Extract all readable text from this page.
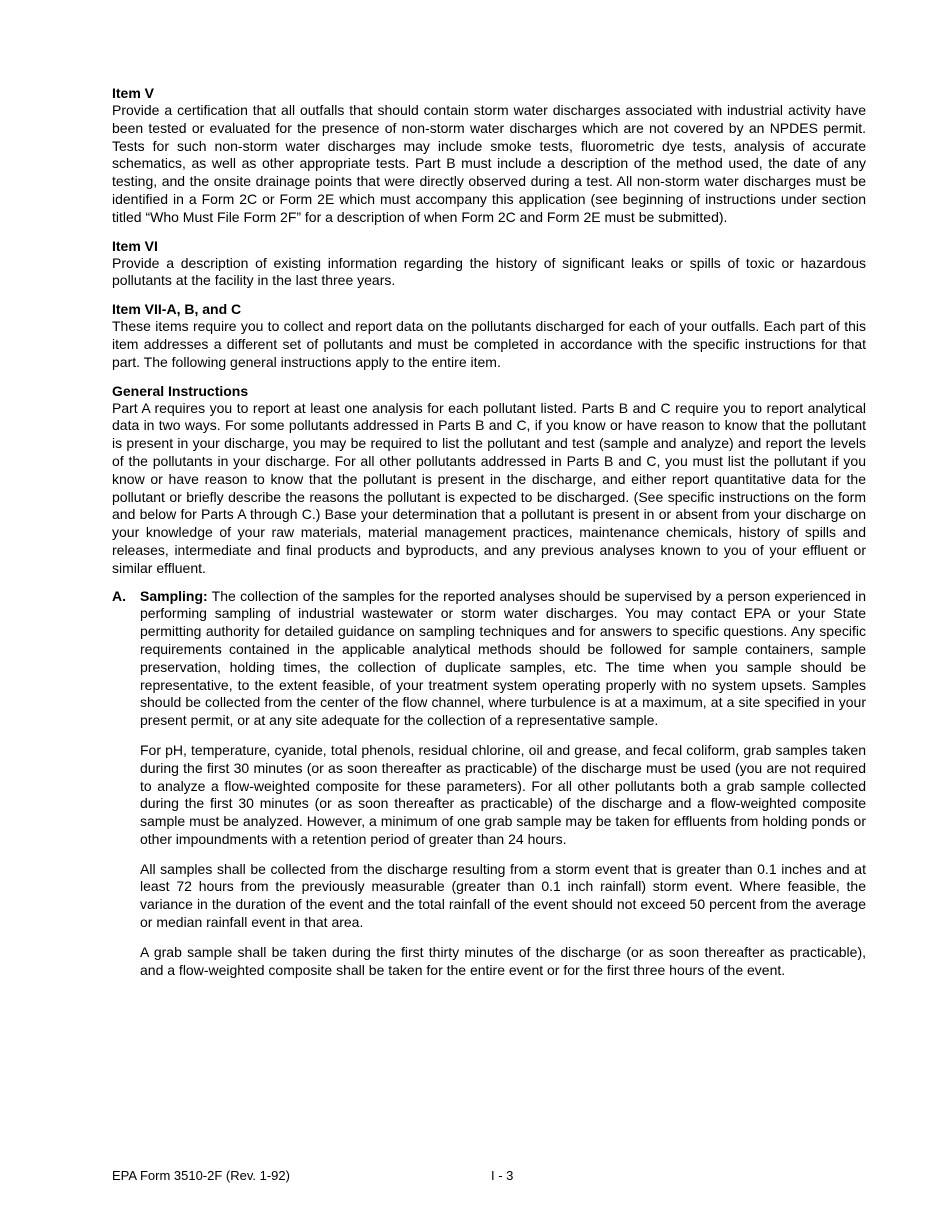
Item V

Provide a certification that all outfalls that should contain storm water discharges associated with industrial activity have been tested or evaluated for the presence of non-storm water discharges which are not covered by an NPDES permit. Tests for such non-storm water discharges may include smoke tests, fluorometric dye tests, analysis of accurate schematics, as well as other appropriate tests. Part B must include a description of the method used, the date of any testing, and the onsite drainage points that were directly observed during a test. All non-storm water discharges must be identified in a Form 2C or Form 2E which must accompany this application (see beginning of instructions under section titled “Who Must File Form 2F” for a description of when Form 2C and Form 2E must be submitted).

Item VI

Provide a description of existing information regarding the history of significant leaks or spills of toxic or hazardous pollutants at the facility in the last three years.

Item VII-A, B, and C

These items require you to collect and report data on the pollutants discharged for each of your outfalls. Each part of this item addresses a different set of pollutants and must be completed in accordance with the specific instructions for that part. The following general instructions apply to the entire item.

General Instructions

Part A requires you to report at least one analysis for each pollutant listed. Parts B and C require you to report analytical data in two ways. For some pollutants addressed in Parts B and C, if you know or have reason to know that the pollutant is present in your discharge, you may be required to list the pollutant and test (sample and analyze) and report the levels of the pollutants in your discharge. For all other pollutants addressed in Parts B and C, you must list the pollutant if you know or have reason to know that the pollutant is present in the discharge, and either report quantitative data for the pollutant or briefly describe the reasons the pollutant is expected to be discharged. (See specific instructions on the form and below for Parts A through C.) Base your determination that a pollutant is present in or absent from your discharge on your knowledge of your raw materials, material management practices, maintenance chemicals, history of spills and releases, intermediate and final products and byproducts, and any previous analyses known to you of your effluent or similar effluent.

A.	Sampling: The collection of the samples for the reported analyses should be supervised by a person experienced in performing sampling of industrial wastewater or storm water discharges. You may contact EPA or your State permitting authority for detailed guidance on sampling techniques and for answers to specific questions. Any specific requirements contained in the applicable analytical methods should be followed for sample containers, sample preservation, holding times, the collection of duplicate samples, etc. The time when you sample should be representative, to the extent feasible, of your treatment system operating properly with no system upsets. Samples should be collected from the center of the flow channel, where turbulence is at a maximum, at a site specified in your present permit, or at any site adequate for the collection of a representative sample.

For pH, temperature, cyanide, total phenols, residual chlorine, oil and grease, and fecal coliform, grab samples taken during the first 30 minutes (or as soon thereafter as practicable) of the discharge must be used (you are not required to analyze a flow-weighted composite for these parameters). For all other pollutants both a grab sample collected during the first 30 minutes (or as soon thereafter as practicable) of the discharge and a flow-weighted composite sample must be analyzed. However, a minimum of one grab sample may be taken for effluents from holding ponds or other impoundments with a retention period of greater than 24 hours.

All samples shall be collected from the discharge resulting from a storm event that is greater than 0.1 inches and at least 72 hours from the previously measurable (greater than 0.1 inch rainfall) storm event. Where feasible, the variance in the duration of the event and the total rainfall of the event should not exceed 50 percent from the average or median rainfall event in that area.

A grab sample shall be taken during the first thirty minutes of the discharge (or as soon thereafter as practicable), and a flow-weighted composite shall be taken for the entire event or for the first three hours of the event.

EPA Form 3510-2F (Rev. 1-92)	I - 3
